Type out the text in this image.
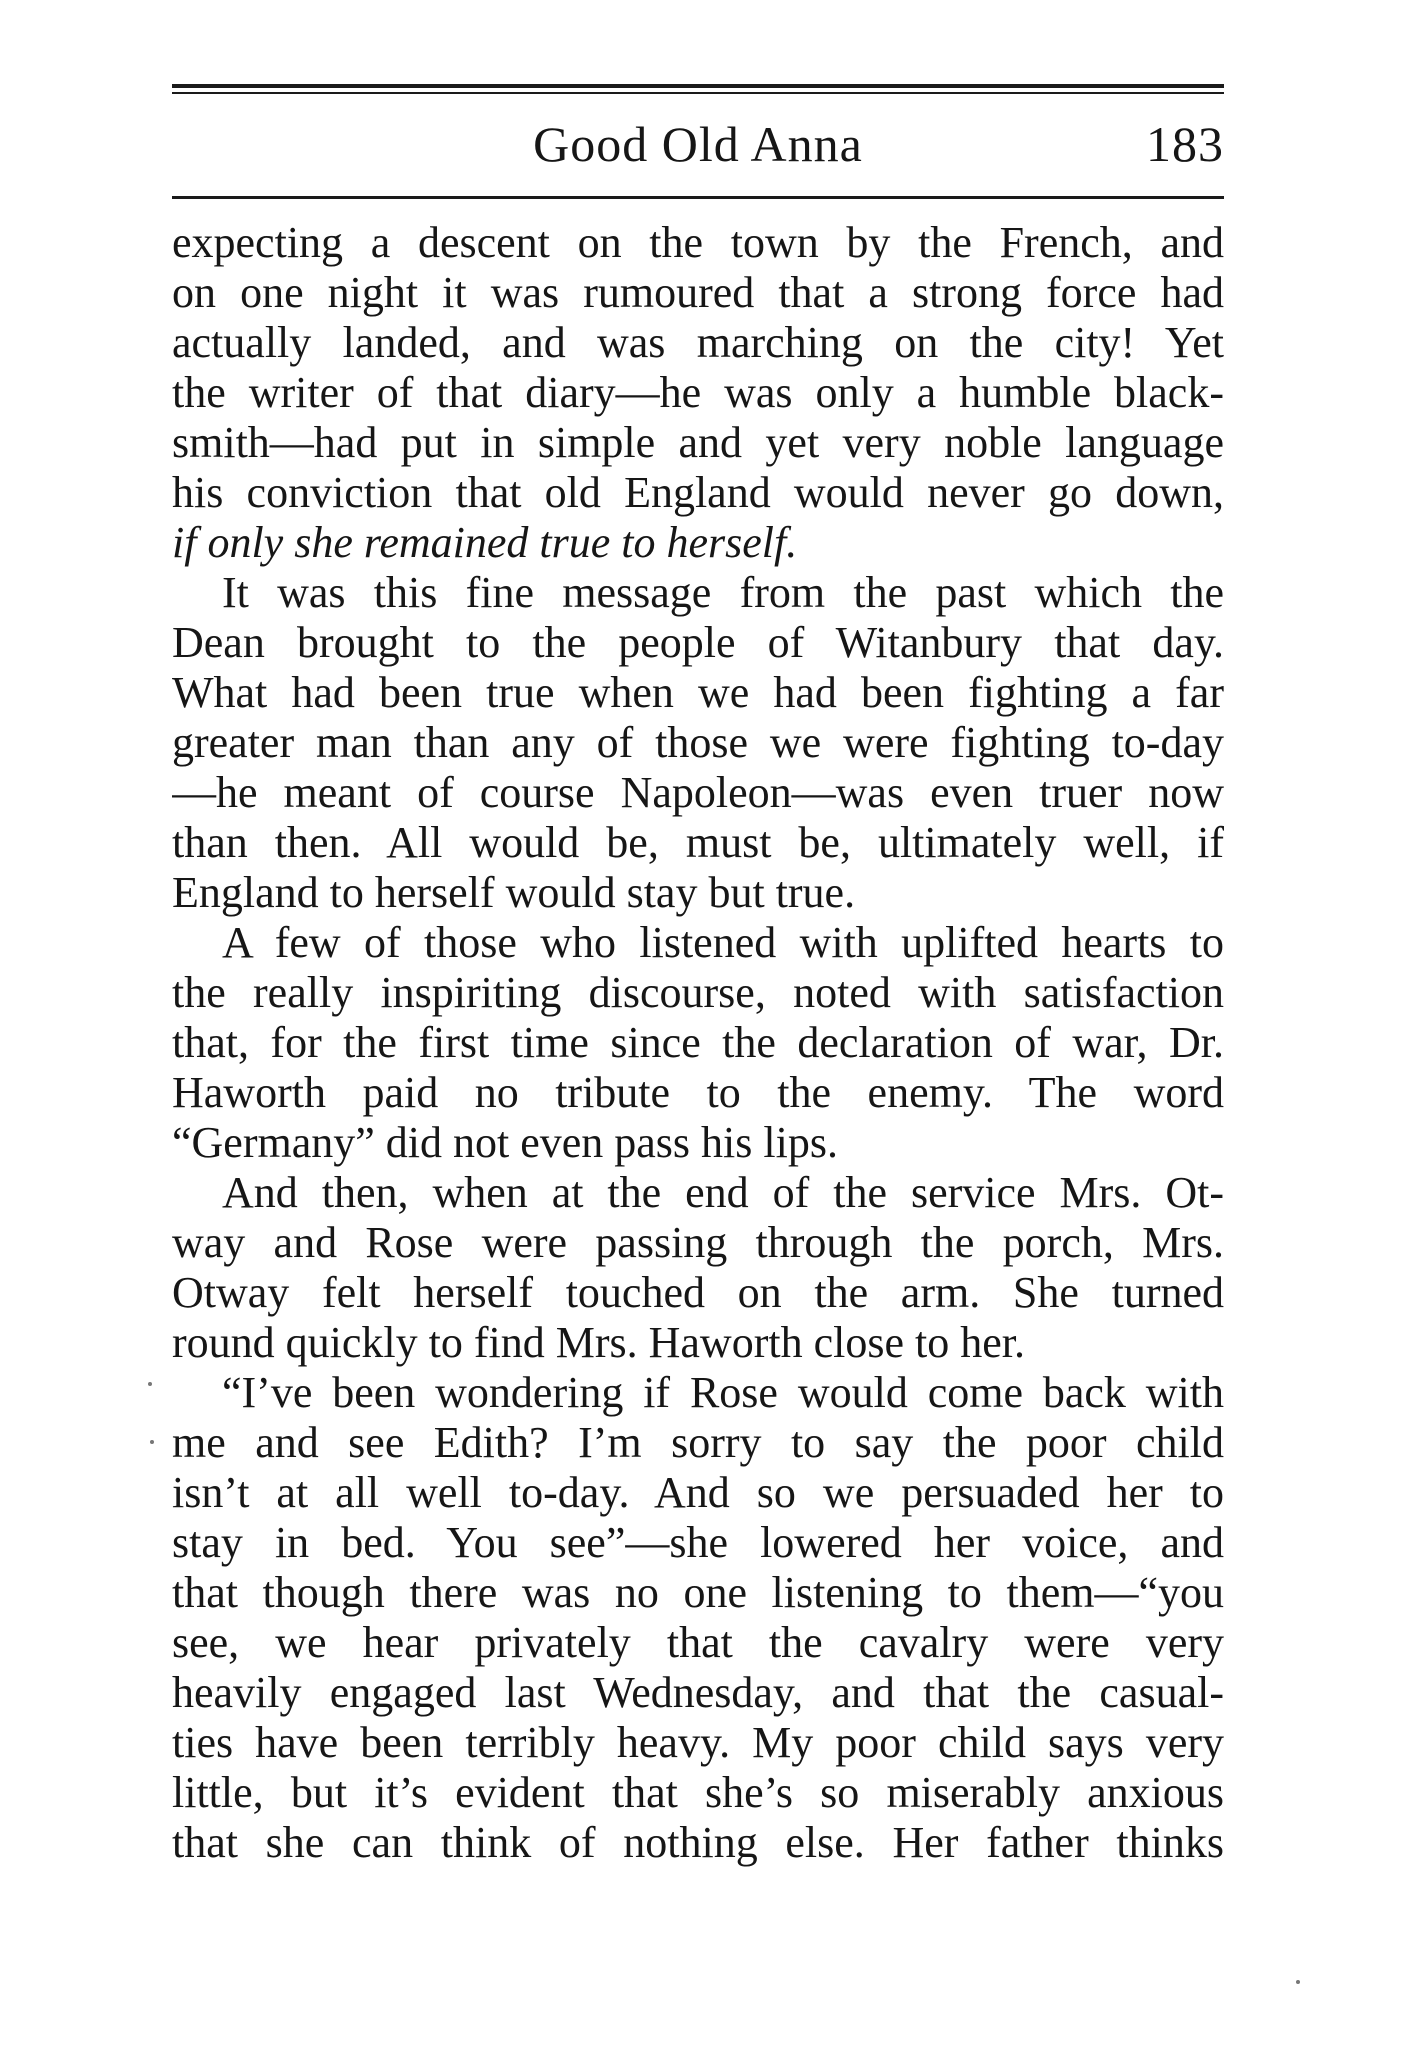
Good Old Anna	183
expecting a descent on the town by the French, and
on one night it was rumoured that a strong force had
actually landed, and was marching on the city! Yet
the writer of that diary—he was only a humble black-
smith—had put in simple and yet very noble language
his conviction that old England would never go down,
if only she remained true to herself.
It was this fine message from the past which the
Dean brought to the people of Witanbury that day.
What had been true when we had been fighting a far
greater man than any of those we were fighting to-day
—he meant of course Napoleon—was even truer now
than then. All would be, must be, ultimately well, if
England to herself would stay but true.
A few of those who listened with uplifted hearts to
the really inspiriting discourse, noted with satisfaction
that, for the first time since the declaration of war, Dr.
Haworth paid no tribute to the enemy. The word
“Germany” did not even pass his lips.
And then, when at the end of the service Mrs. Ot-
way and Rose were passing through the porch, Mrs.
Otway felt herself touched on the arm. She turned
round quickly to find Mrs. Haworth close to her.
“I’ve been wondering if Rose would come back with
me and see Edith? I’m sorry to say the poor child
isn’t at all well to-day. And so we persuaded her to
stay in bed. You see”—she lowered her voice, and
that though there was no one listening to them—“you
see, we hear privately that the cavalry were very
heavily engaged last Wednesday, and that the casual-
ties have been terribly heavy. My poor child says very
little, but it’s evident that she’s so miserably anxious
that she can think of nothing else. Her father thinks
